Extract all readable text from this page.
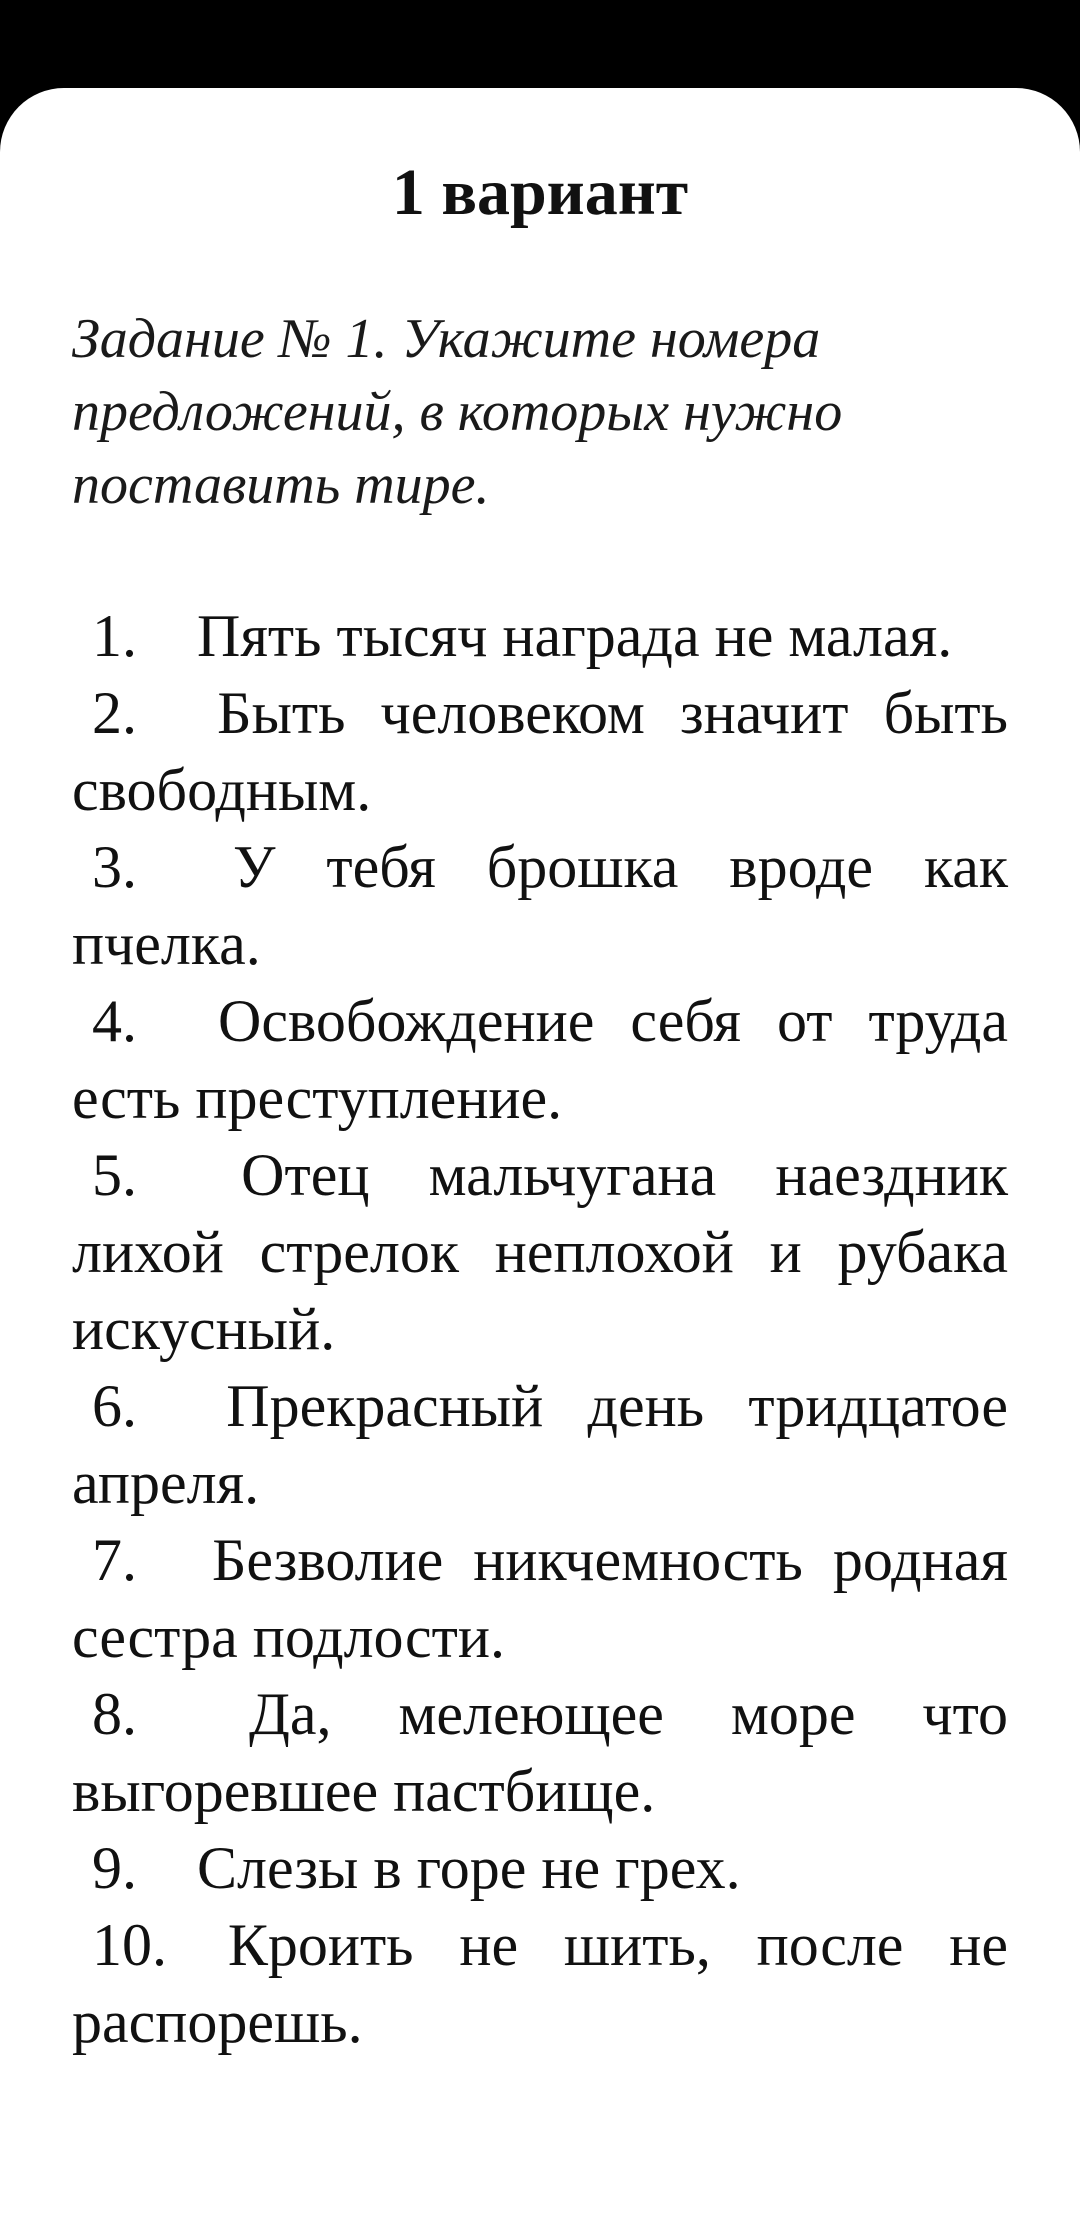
1 вариант
Задание № 1. Укажите номера предложений, в которых нужно поставить тире.
1. Пять тысяч награда не малая.
2. Быть человеком значит быть свободным.
3. У тебя брошка вроде как пчелка.
4. Освобождение себя от труда есть преступление.
5. Отец мальчугана наездник лихой стрелок неплохой и рубака искусный.
6. Прекрасный день тридцатое апреля.
7. Безволие никчемность родная сестра подлости.
8. Да, мелеющее море что выгоревшее пастбище.
9. Слезы в горе не грех.
10. Кроить не шить, после не распорешь.
